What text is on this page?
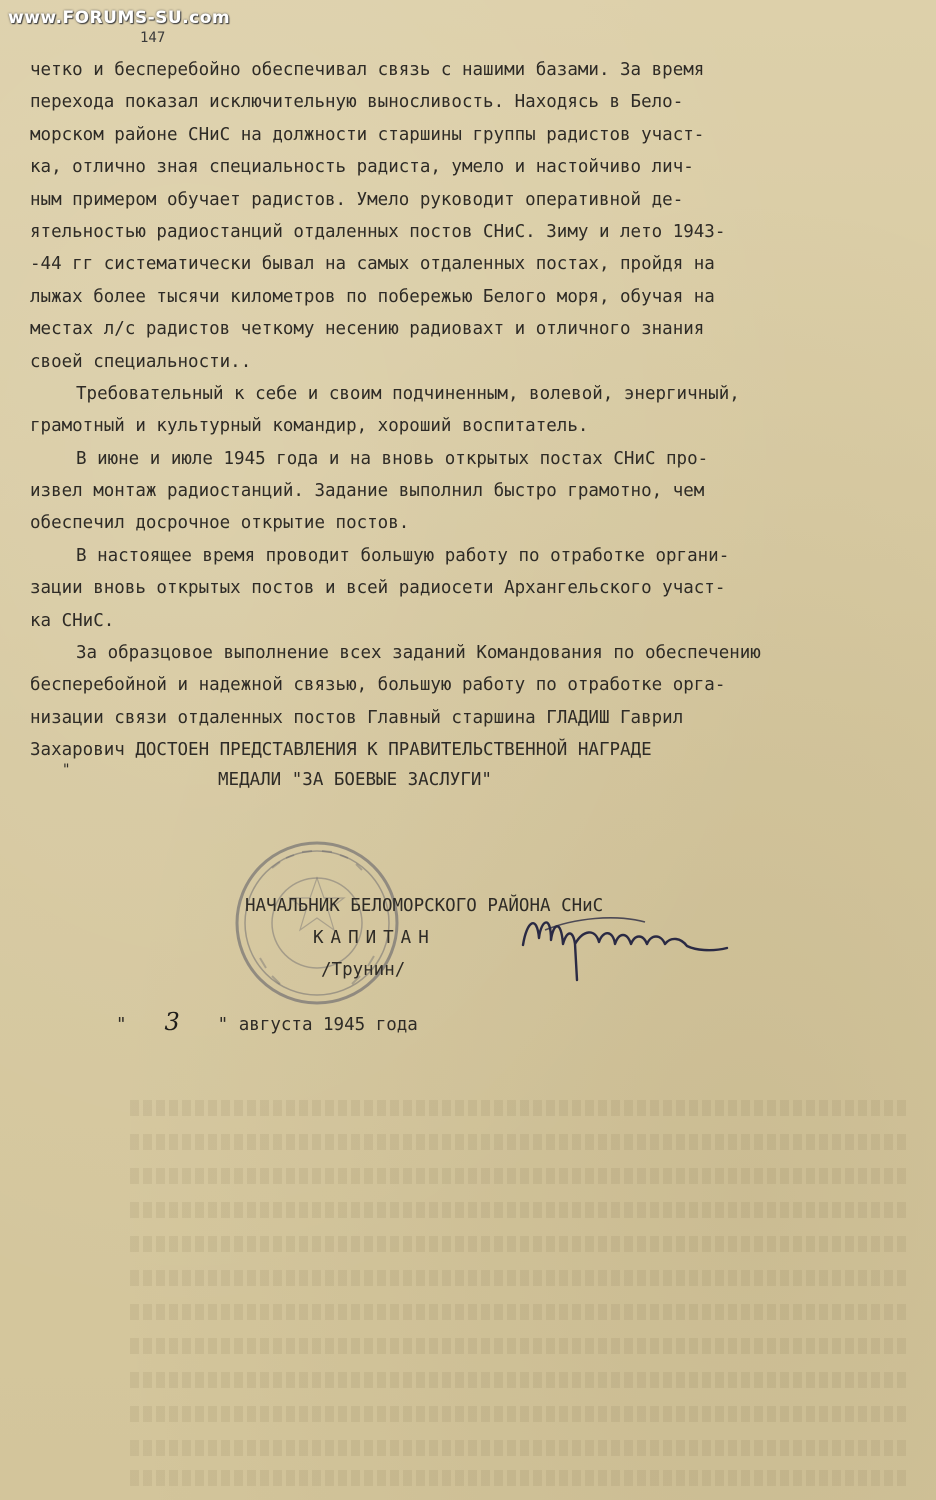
www.FORUMS-SU.com
147
четко и бесперебойно обеспечивал связь с нашими базами. За время
перехода показал исключительную выносливость. Находясь в Бело-
морском районе СНиС на должности старшины группы радистов участ-
ка, отлично зная специальность радиста, умело и настойчиво лич-
ным примером обучает радистов. Умело руководит оперативной де-
ятельностью радиостанций отдаленных постов СНиС. Зиму и лето 1943-
-44 гг систематически бывал на самых отдаленных постах, пройдя на
лыжах более тысячи километров по побережью Белого моря, обучая на
местах л/с радистов четкому несению радиовахт и отличного знания
своей специальности..
Требовательный к себе и своим подчиненным, волевой, энергичный,
грамотный и культурный командир, хороший воспитатель.
В июне и июле 1945 года и на вновь открытых постах СНиС про-
извел монтаж радиостанций. Задание выполнил быстро грамотно, чем
обеспечил досрочное открытие постов.
В настоящее время проводит большую работу по отработке органи-
зации вновь открытых постов и всей радиосети Архангельского участ-
ка СНиС.
За образцовое выполнение всех заданий Командования по обеспечению
бесперебойной и надежной связью, большую работу по отработке орга-
низации связи отдаленных постов Главный старшина ГЛАДИШ Гаврил
Захарович ДОСТОЕН ПРЕДСТАВЛЕНИЯ К ПРАВИТЕЛЬСТВЕННОЙ НАГРАДЕ
"	МЕДАЛИ "ЗА БОЕВЫЕ ЗАСЛУГИ"
НАЧАЛЬНИК БЕЛОМОРСКОГО РАЙОНА СНиС
КАПИТАН
/Трунин/
" 3 " августа 1945 года
